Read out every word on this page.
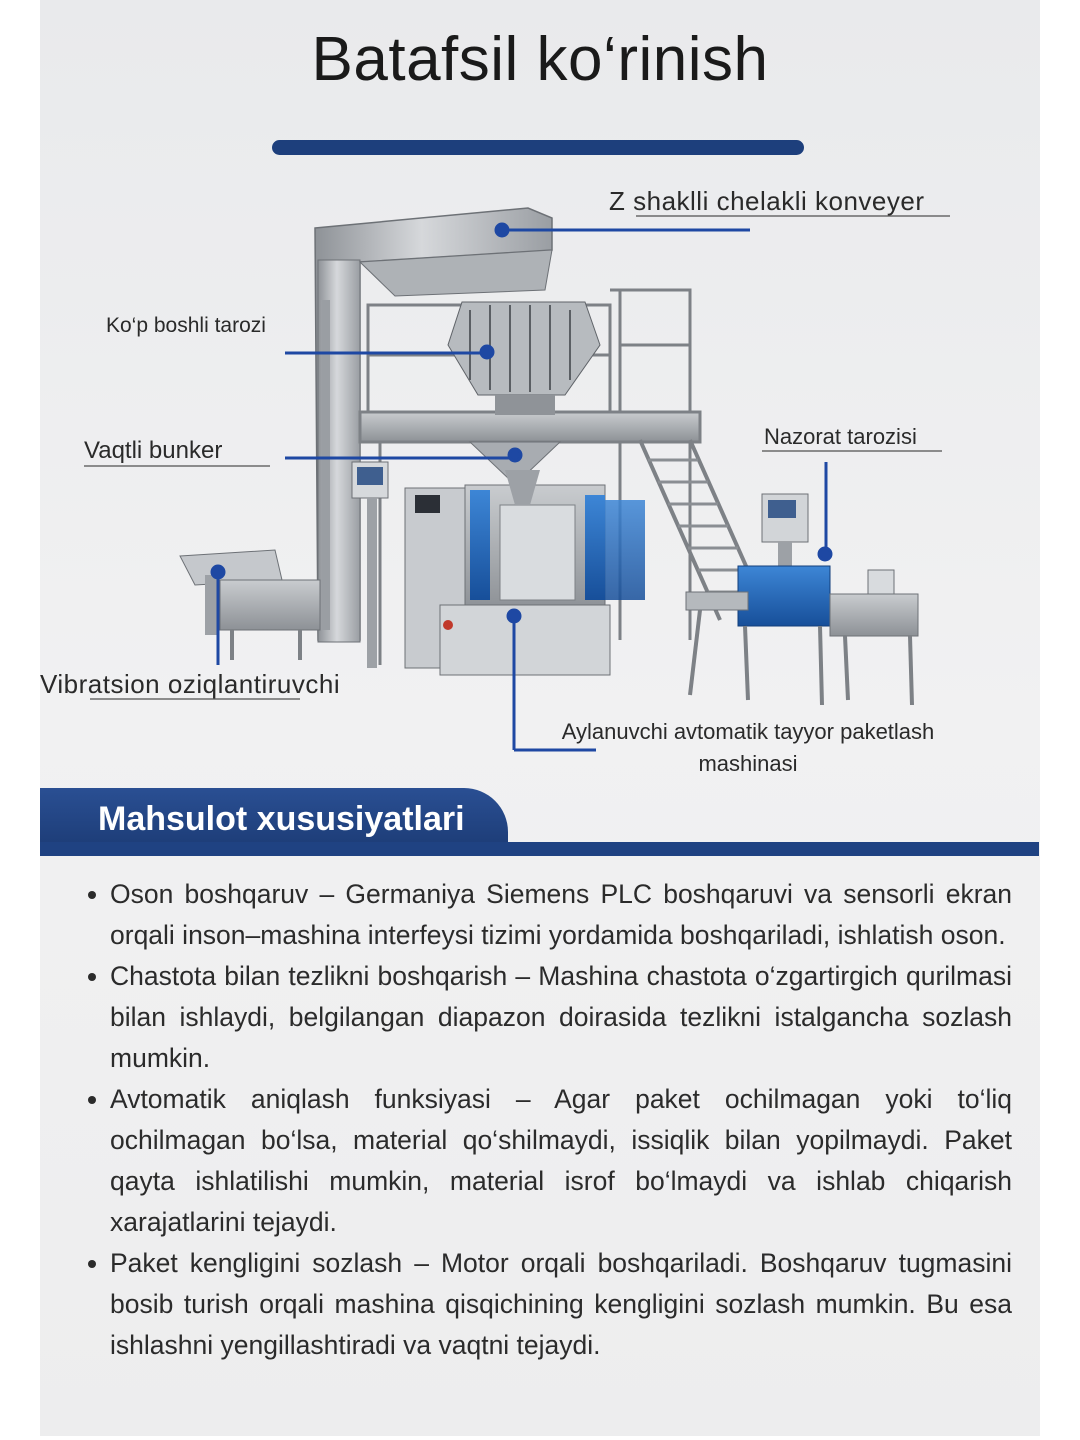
Batafsil ko‘rinish
Z shaklli chelakli konveyer
Ko‘p boshli tarozi
Vaqtli bunker
Nazorat tarozisi
Vibratsion oziqlantiruvchi
Aylanuvchi avtomatik tayyor paketlash mashinasi
Mahsulot xususiyatlari
Oson boshqaruv – Germaniya Siemens PLC boshqaruvi va sensorli ekran orqali inson–mashina interfeysi tizimi yordamida boshqariladi, ishlatish oson.
Chastota bilan tezlikni boshqarish – Mashina chastota o‘zgartirgich qurilmasi bilan ishlaydi, belgilangan diapazon doirasida tezlikni istalgancha sozlash mumkin.
Avtomatik aniqlash funksiyasi – Agar paket ochilmagan yoki to‘liq ochilmagan bo‘lsa, material qo‘shilmaydi, issiqlik bilan yopilmaydi. Paket qayta ishlatilishi mumkin, material isrof bo‘lmaydi va ishlab chiqarish xarajatlarini tejaydi.
Paket kengligini sozlash – Motor orqali boshqariladi. Boshqaruv tugmasini bosib turish orqali mashina qisqichining kengligini sozlash mumkin. Bu esa ishlashni yengillashtiradi va vaqtni tejaydi.
